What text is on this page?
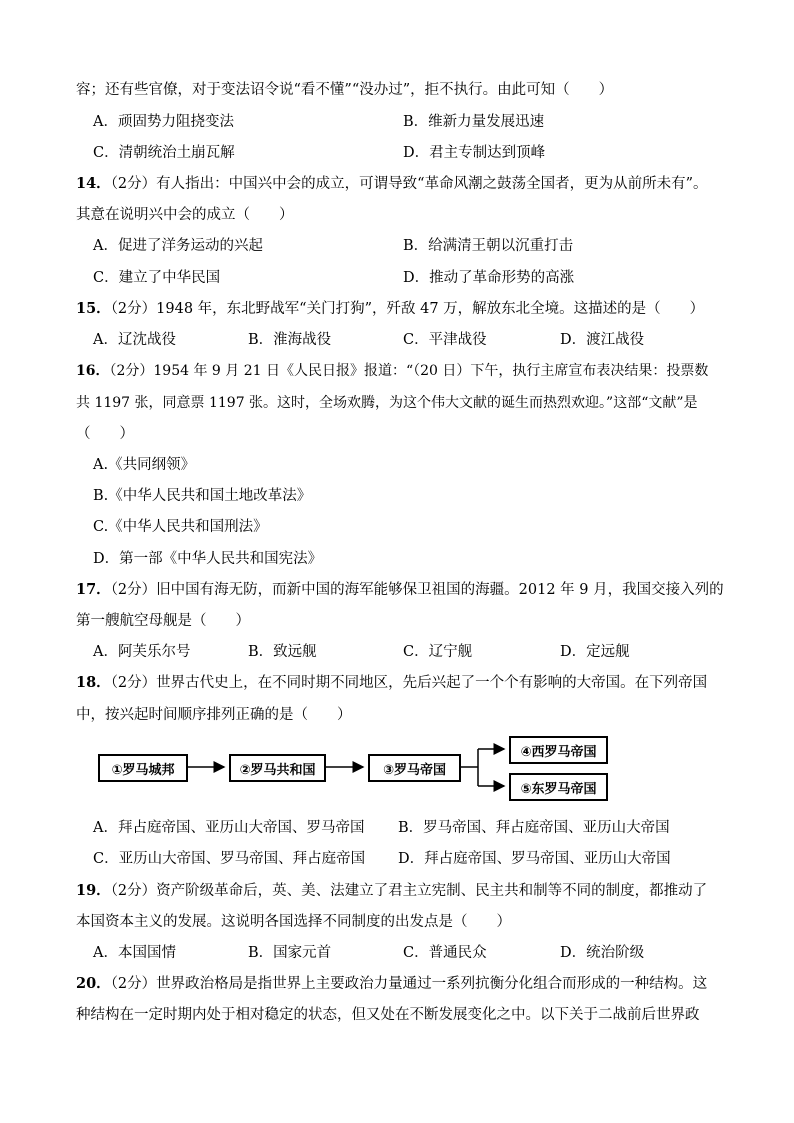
容；还有些官僚，对于变法诏令说“看不懂”“没办过”，拒不执行。由此可知（　　）
A．顽固势力阻挠变法	B．维新力量发展迅速
C．清朝统治土崩瓦解	D．君主专制达到顶峰
14．（2分）有人指出：中国兴中会的成立，可谓导致“革命风潮之鼓荡全国者，更为从前所未有”。
其意在说明兴中会的成立（　　）
A．促进了洋务运动的兴起	B．给满清王朝以沉重打击
C．建立了中华民国	D．推动了革命形势的高涨
15．（2分）1948 年，东北野战军“关门打狗”，歼敌 47 万，解放东北全境。这描述的是（　　）
A．辽沈战役	B．淮海战役	C．平津战役	D．渡江战役
16．（2分）1954 年 9 月 21 日《人民日报》报道：“（20 日）下午，执行主席宣布表决结果：投票数
共 1197 张，同意票 1197 张。这时，全场欢腾，为这个伟大文献的诞生而热烈欢迎。”这部“文献”是
（　　）
A.《共同纲领》
B.《中华人民共和国土地改革法》
C.《中华人民共和国刑法》
D．第一部《中华人民共和国宪法》
17．（2分）旧中国有海无防，而新中国的海军能够保卫祖国的海疆。2012 年 9 月，我国交接入列的
第一艘航空母舰是（　　）
A．阿芙乐尔号	B．致远舰	C．辽宁舰	D．定远舰
18．（2分）世界古代史上，在不同时期不同地区，先后兴起了一个个有影响的大帝国。在下列帝国
中，按兴起时间顺序排列正确的是（　　）
①罗马城邦	②罗马共和国	③罗马帝国
④西罗马帝国
⑤东罗马帝国
A．拜占庭帝国、亚历山大帝国、罗马帝国 B．罗马帝国、拜占庭帝国、亚历山大帝国
C．亚历山大帝国、罗马帝国、拜占庭帝国 D．拜占庭帝国、罗马帝国、亚历山大帝国
19．（2分）资产阶级革命后，英、美、法建立了君主立宪制、民主共和制等不同的制度，都推动了
本国资本主义的发展。这说明各国选择不同制度的出发点是（　　）
A．本国国情	B．国家元首	C．普通民众	D．统治阶级
20．（2分）世界政治格局是指世界上主要政治力量通过一系列抗衡分化组合而形成的一种结构。这
种结构在一定时期内处于相对稳定的状态，但又处在不断发展变化之中。以下关于二战前后世界政
